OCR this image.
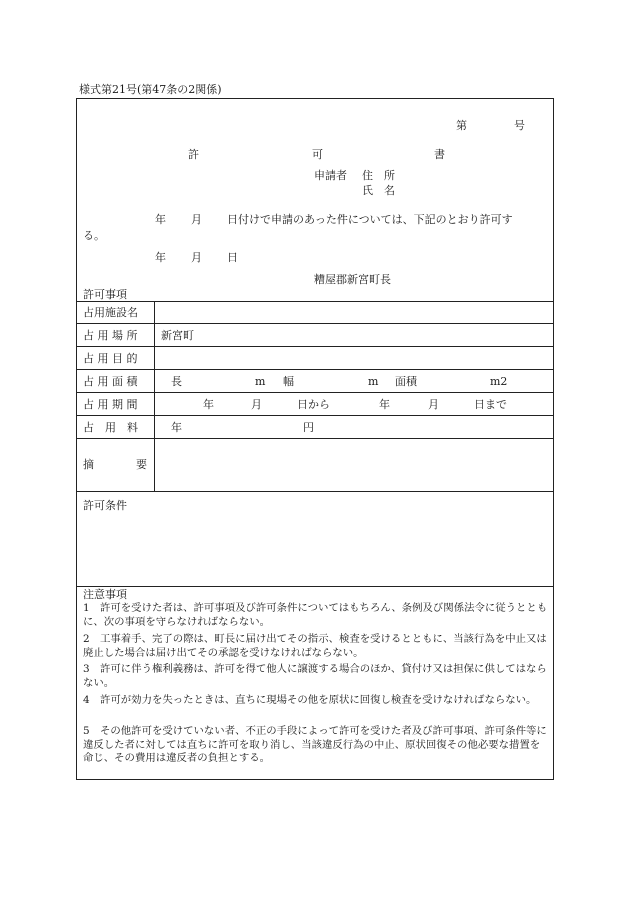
様式第21号(第47条の2関係)
第	号
許	可	書
申請者 住　所
氏　名
年 月 日付けで申請のあった件については、下記のとおり許可す
る。
年 月 日
糟屋郡新宮町長
許可事項
占用施設名
占 用 場 所 新宮町
占 用 目 的
占 用 面 積	長	m 幅	m 面積	m2
占 用 期 間	年	月	日から	年	月	日まで
占　用　料	年	円
摘	要
許可条件
注意事項
1　許可を受けた者は、許可事項及び許可条件についてはもちろん、条例及び関係法令に従うとともに、次の事項を守らなければならない。
2　工事着手、完了の際は、町長に届け出てその指示、検査を受けるとともに、当該行為を中止又は廃止した場合は届け出てその承認を受けなければならない。
3　許可に伴う権利義務は、許可を得て他人に譲渡する場合のほか、貸付け又は担保に供してはならない。
4　許可が効力を失ったときは、直ちに現場その他を原状に回復し検査を受けなければならない。
5　その他許可を受けていない者、不正の手段によって許可を受けた者及び許可事項、許可条件等に違反した者に対しては直ちに許可を取り消し、当該違反行為の中止、原状回復その他必要な措置を命じ、その費用は違反者の負担とする。
